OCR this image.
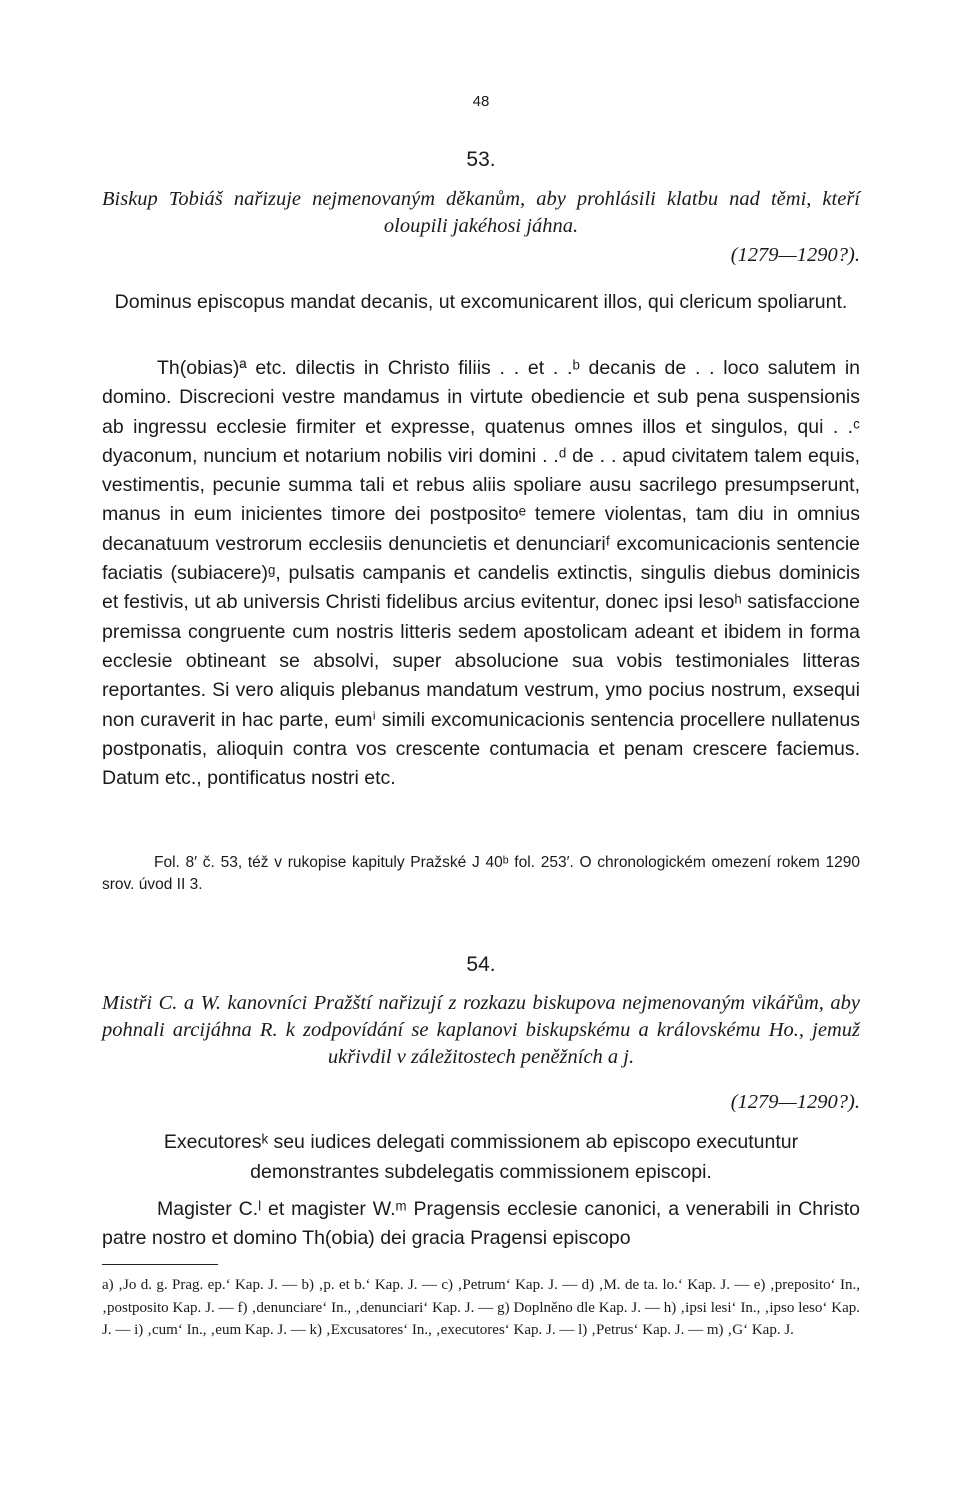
48
53.
Biskup Tobiáš nařizuje nejmenovaným děkanům, aby prohlásili klatbu nad těmi, kteří oloupili jakéhosi jáhna.
(1279—1290?).
Dominus episcopus mandat decanis, ut excomunicarent illos, qui clericum spoliarunt.

Th(obias)ª etc. dilectis in Christo filiis . . et . .ᵇ decanis de . . loco salutem in domino. Discrecioni vestre mandamus in virtute obediencie et sub pena suspensionis ab ingressu ecclesie firmiter et expresse, quatenus omnes illos et singulos, qui . .ᶜ dyaconum, nuncium et notarium nobilis viri domini . .ᵈ de . . apud civitatem talem equis, vestimentis, pecunie summa tali et rebus aliis spoliare ausu sacrilego presumpserunt, manus in eum inicientes timore dei postpositoᵉ temere violentas, tam diu in omnius decanatuum vestrorum ecclesiis denuncietis et denunciariᶠ excomunicacionis sentencie faciatis (subiacere)ᵍ, pulsatis campanis et candelis extinctis, singulis diebus dominicis et festivis, ut ab universis Christi fidelibus arcius evitentur, donec ipsi lesoʰ satisfaccione premissa congruente cum nostris litteris sedem apostolicam adeant et ibidem in forma ecclesie obtineant se absolvi, super absolucione sua vobis testimoniales litteras reportantes. Si vero aliquis plebanus mandatum vestrum, ymo pocius nostrum, exsequi non curaverit in hac parte, eumⁱ simili excomunicacionis sentencia procellere nullatenus postponatis, alioquin contra vos crescente contumacia et penam crescere faciemus. Datum etc., pontificatus nostri etc.

Fol. 8′ č. 53, též v rukopise kapituly Pražské J 40ᵇ fol. 253′. O chronologickém omezení rokem 1290 srov. úvod II 3.

54.
Mistři C. a W. kanovníci Pražští nařizují z rozkazu biskupova nejmenovaným vikářům, aby pohnali arcijáhna R. k zodpovídání se kaplanovi biskupskému a královskému Ho., jemuž ukřivdil v záležitostech peněžních a j.
(1279—1290?).
Executoresᵏ seu iudices delegati commissionem ab episcopo executuntur demonstrantes subdelegatis commissionem episcopi.

Magister C.ˡ et magister W.ᵐ Pragensis ecclesie canonici, a venerabili in Christo patre nostro et domino Th(obia) dei gracia Pragensi episcopo

a) ‚Jo d. g. Prag. ep.‘ Kap. J. — b) ‚p. et b.‘ Kap. J. — c) ‚Petrum‘ Kap. J. — d) ‚M. de ta. lo.‘ Kap. J. — e) ‚preposito‘ In., ‚postposito Kap. J. — f) ‚denunciare‘ In., ‚denunciari‘ Kap. J. — g) Doplněno dle Kap. J. — h) ‚ipsi lesi‘ In., ‚ipso leso‘ Kap. J. — i) ‚cum‘ In., ‚eum Kap. J. — k) ‚Excusatores‘ In., ‚executores‘ Kap. J. — l) ‚Petrus‘ Kap. J. — m) ‚G‘ Kap. J.
